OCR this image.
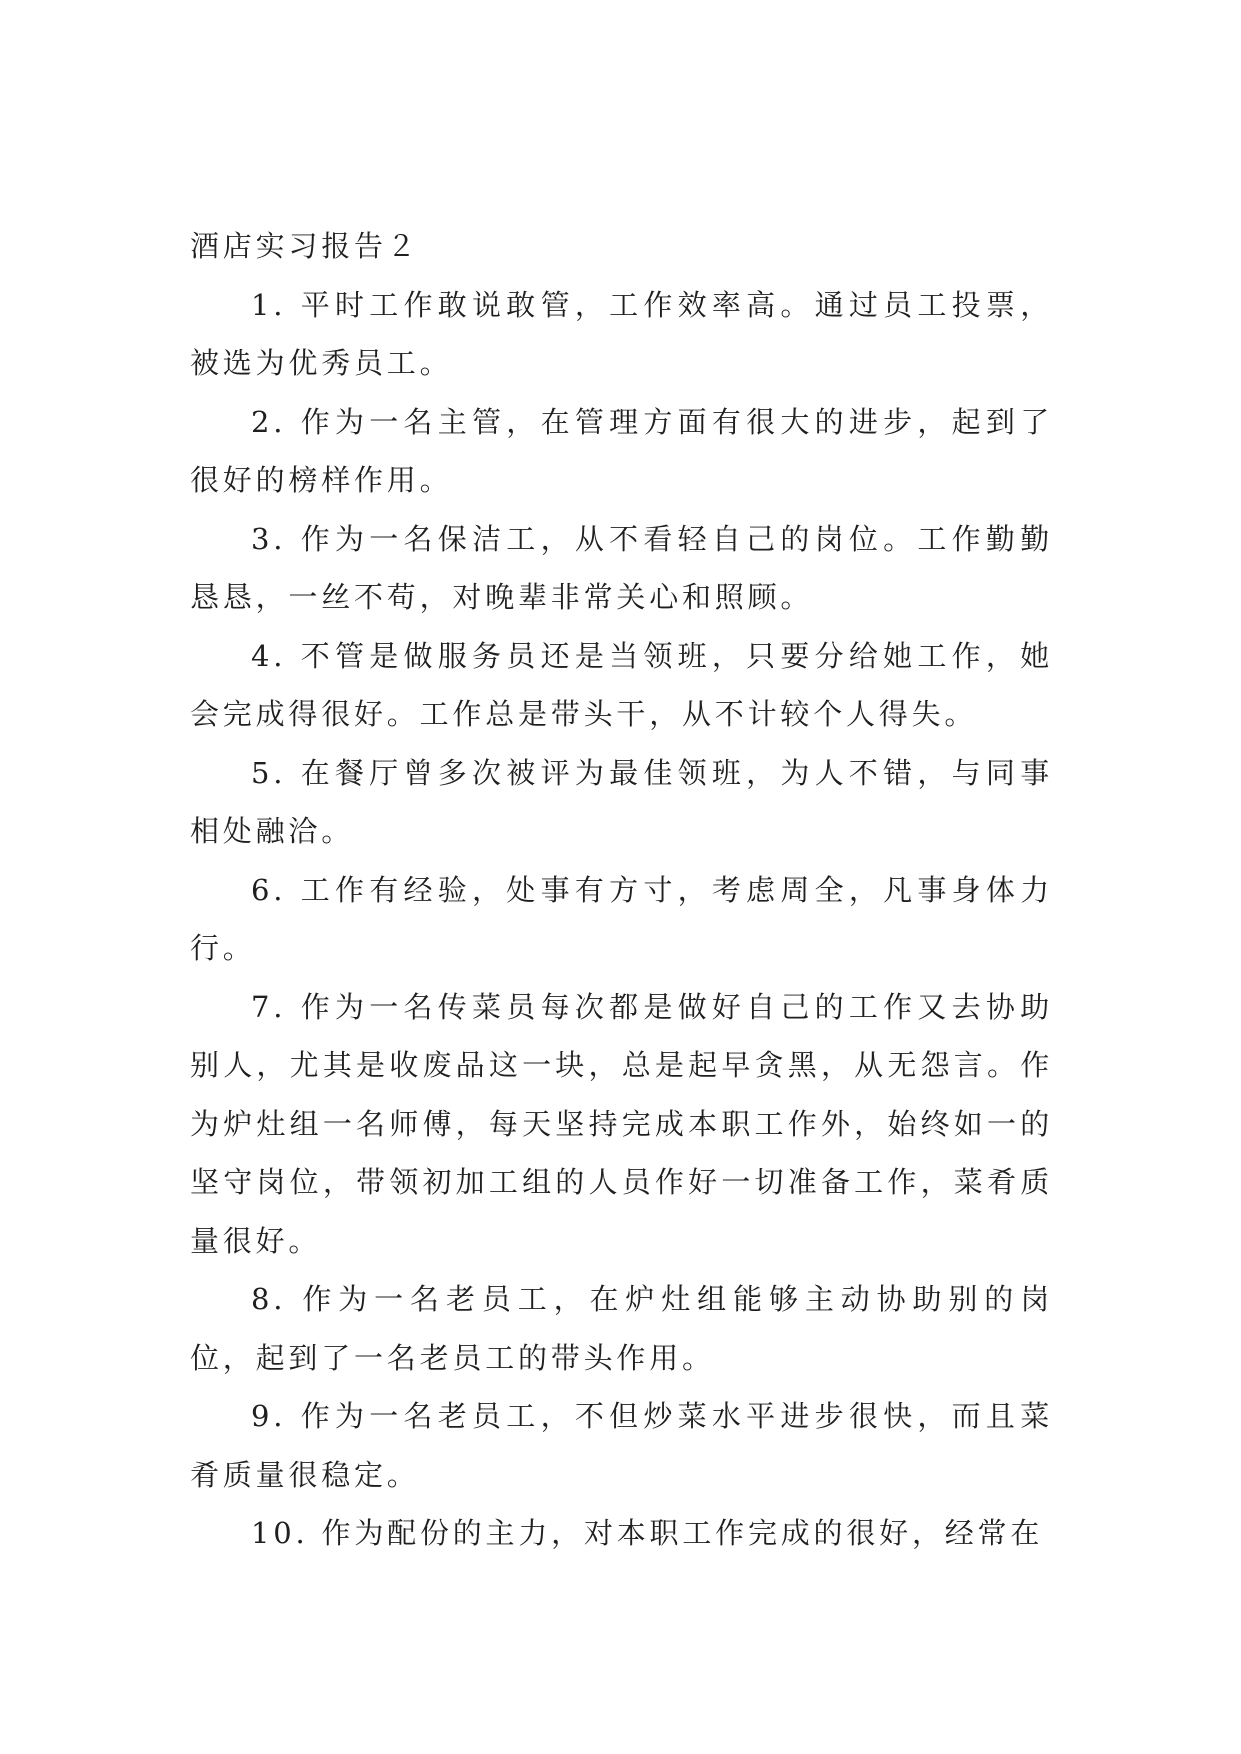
酒店实习报告２

1. 平时工作敢说敢管，工作效率高。通过员工投票，被选为优秀员工。

2. 作为一名主管，在管理方面有很大的进步，起到了很好的榜样作用。

3. 作为一名保洁工，从不看轻自己的岗位。工作勤勤恳恳，一丝不苟，对晚辈非常关心和照顾。

4. 不管是做服务员还是当领班，只要分给她工作，她会完成得很好。工作总是带头干，从不计较个人得失。

5. 在餐厅曾多次被评为最佳领班，为人不错，与同事相处融洽。

6. 工作有经验，处事有方寸，考虑周全，凡事身体力行。

7. 作为一名传菜员每次都是做好自己的工作又去协助别人，尤其是收废品这一块，总是起早贪黑，从无怨言。作为炉灶组一名师傅，每天坚持完成本职工作外，始终如一的坚守岗位，带领初加工组的人员作好一切准备工作，菜肴质量很好。

8. 作为一名老员工，在炉灶组能够主动协助别的岗位，起到了一名老员工的带头作用。

9. 作为一名老员工，不但炒菜水平进步很快，而且菜肴质量很稳定。

10. 作为配份的主力，对本职工作完成的很好，经常在
